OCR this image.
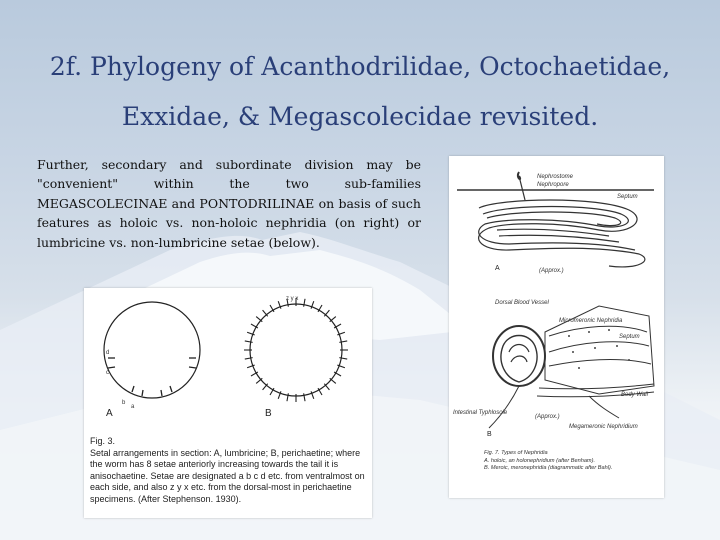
2f. Phylogeny of Acanthodrilidae, Octochaetidae,
Exxidae, & Megascolecidae revisited.

Further, secondary and subordinate division may be "convenient" within the two sub-families MEGASCOLECINAE and PONTODRILINAE on basis of such features as holoic vs. non-holoic nephridia (on right) or lumbricine vs. non-lumbricine setae (below).

A
a
b
c
d
z y x
B
Fig. 3.
Setal arrangements in section: A, lumbricine; B, perichaetine; where the worm has 8 setae anteriorly increasing towards the tail it is anisochaetine. Setae are designated a b c d etc. from ventralmost on each side, and also z y x etc. from the dorsal-most in perichaetine specimens. (After Stephenson. 1930).
Nephrostome
Nephropore
Septum
A	(Approx.)
Dorsal Blood Vessel
Micromeronic Nephridia
Septum
Body Wall
Intestinal Typhlosole
(Approx.)
Megameronic Nephridium
B
Fig. 7. Types of Nephridia
A. holoic, an holonephridium (after Benham).
B. Meroic, meronephridia (diagrammatic after Bahl).
